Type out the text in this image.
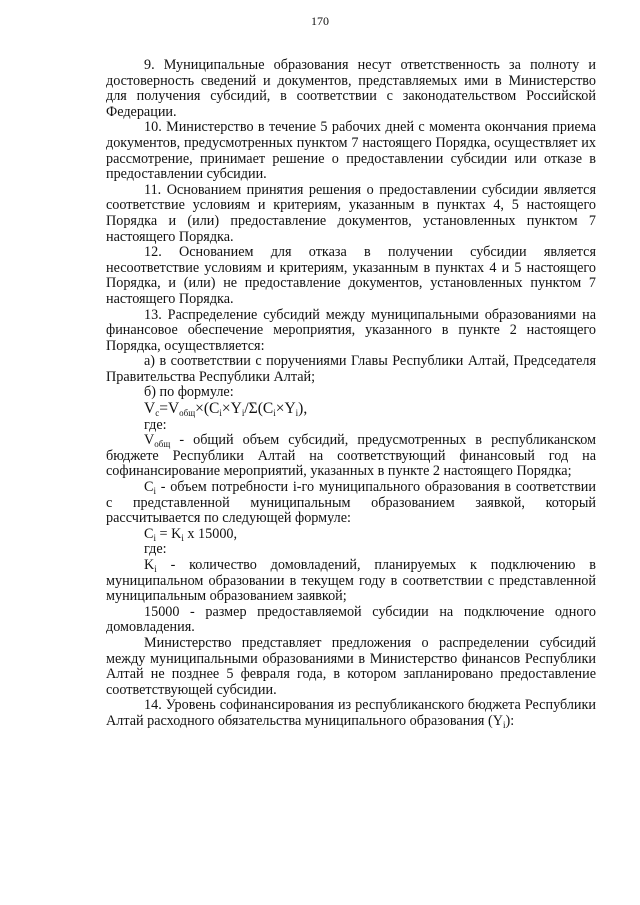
170

9. Муниципальные образования несут ответственность за полноту и достоверность сведений и документов, представляемых ими в Министерство для получения субсидий, в соответствии с законодательством Российской Федерации.

10. Министерство в течение 5 рабочих дней с момента окончания приема документов, предусмотренных пунктом 7 настоящего Порядка, осуществляет их рассмотрение, принимает решение о предоставлении субсидии или отказе в предоставлении субсидии.

11. Основанием принятия решения о предоставлении субсидии является соответствие условиям и критериям, указанным в пунктах 4, 5 настоящего Порядка и (или) предоставление документов, установленных пунктом 7 настоящего Порядка.

12. Основанием для отказа в получении субсидии является несоответствие условиям и критериям, указанным в пунктах 4 и 5 настоящего Порядка, и (или) не предоставление документов, установленных пунктом 7 настоящего Порядка.

13. Распределение субсидий между муниципальными образованиями на финансовое обеспечение мероприятия, указанного в пункте 2 настоящего Порядка, осуществляется:

а) в соответствии с поручениями Главы Республики Алтай, Председателя Правительства Республики Алтай;

б) по формуле:

$V_c=V_{общ}\times(C_i\times Y_i/\Sigma(C_i\times Y_i)$,

где:

$V_{общ}$ - общий объем субсидий, предусмотренных в республиканском бюджете Республики Алтай на соответствующий финансовый год на софинансирование мероприятий, указанных в пункте 2 настоящего Порядка;

$C_i$ - объем потребности i-го муниципального образования в соответствии с представленной муниципальным образованием заявкой, который рассчитывается по следующей формуле:

$C_i = K_i$ x 15000,

где:

$K_i$ - количество домовладений, планируемых к подключению в муниципальном образовании в текущем году в соответствии с представленной муниципальным образованием заявкой;

15000 - размер предоставляемой субсидии на подключение одного домовладения.

Министерство представляет предложения о распределении субсидий между муниципальными образованиями в Министерство финансов Республики Алтай не позднее 5 февраля года, в котором запланировано предоставление соответствующей субсидии.

14. Уровень софинансирования из республиканского бюджета Республики Алтай расходного обязательства муниципального образования $(Y_i)$:
